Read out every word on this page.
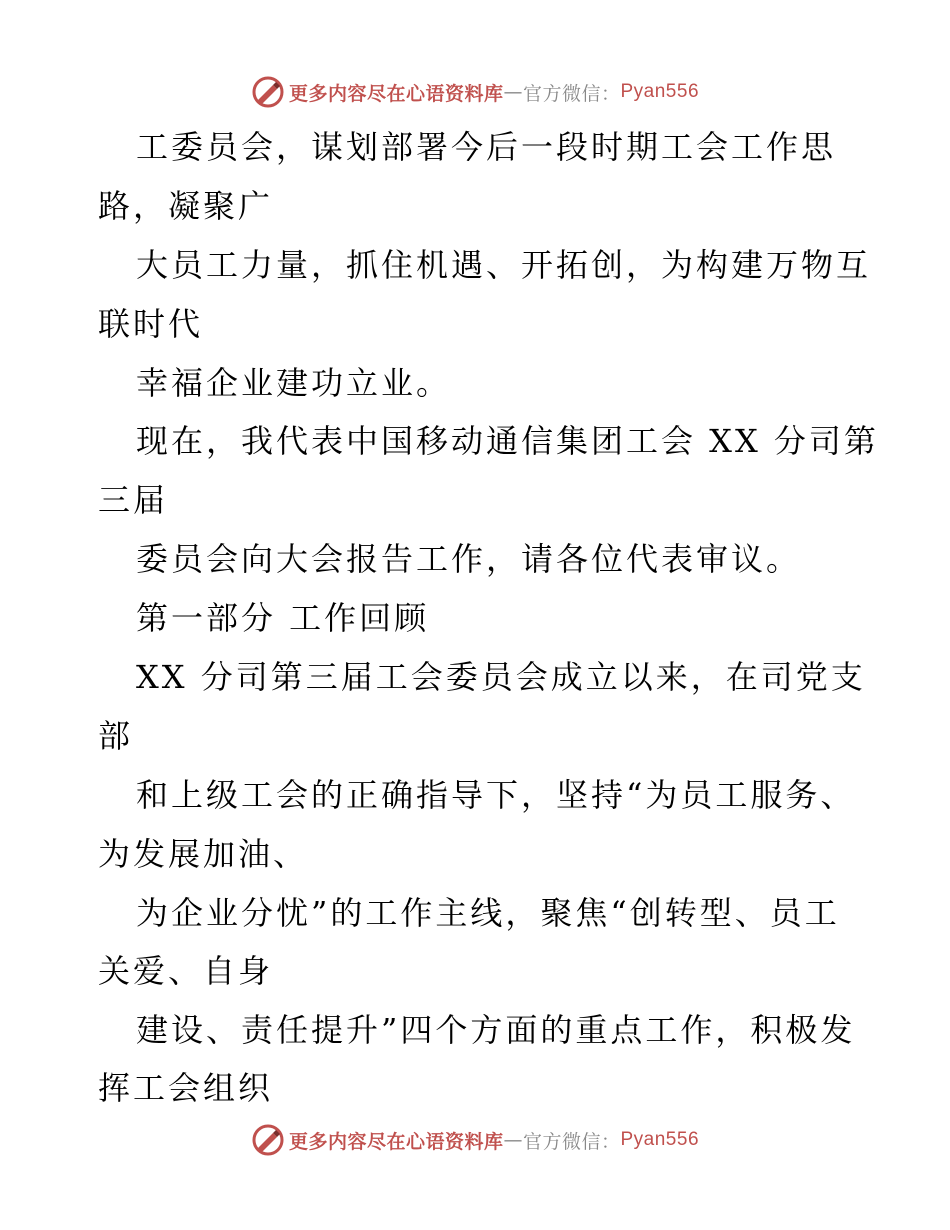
更多内容尽在心语资料库 — 官方微信： Pyan556
工委员会，谋划部署今后一段时期工会工作思
路，凝聚广
大员工力量，抓住机遇、开拓创，为构建万物互
联时代
幸福企业建功立业。
现在，我代表中国移动通信集团工会 XX 分司第
三届
委员会向大会报告工作，请各位代表审议。
第一部分 工作回顾
XX 分司第三届工会委员会成立以来，在司党支
部
和上级工会的正确指导下，坚持“为员工服务、
为发展加油、
为企业分忧”的工作主线，聚焦“创转型、员工
关爱、自身
建设、责任提升”四个方面的重点工作，积极发
挥工会组织
更多内容尽在心语资料库 — 官方微信： Pyan556
